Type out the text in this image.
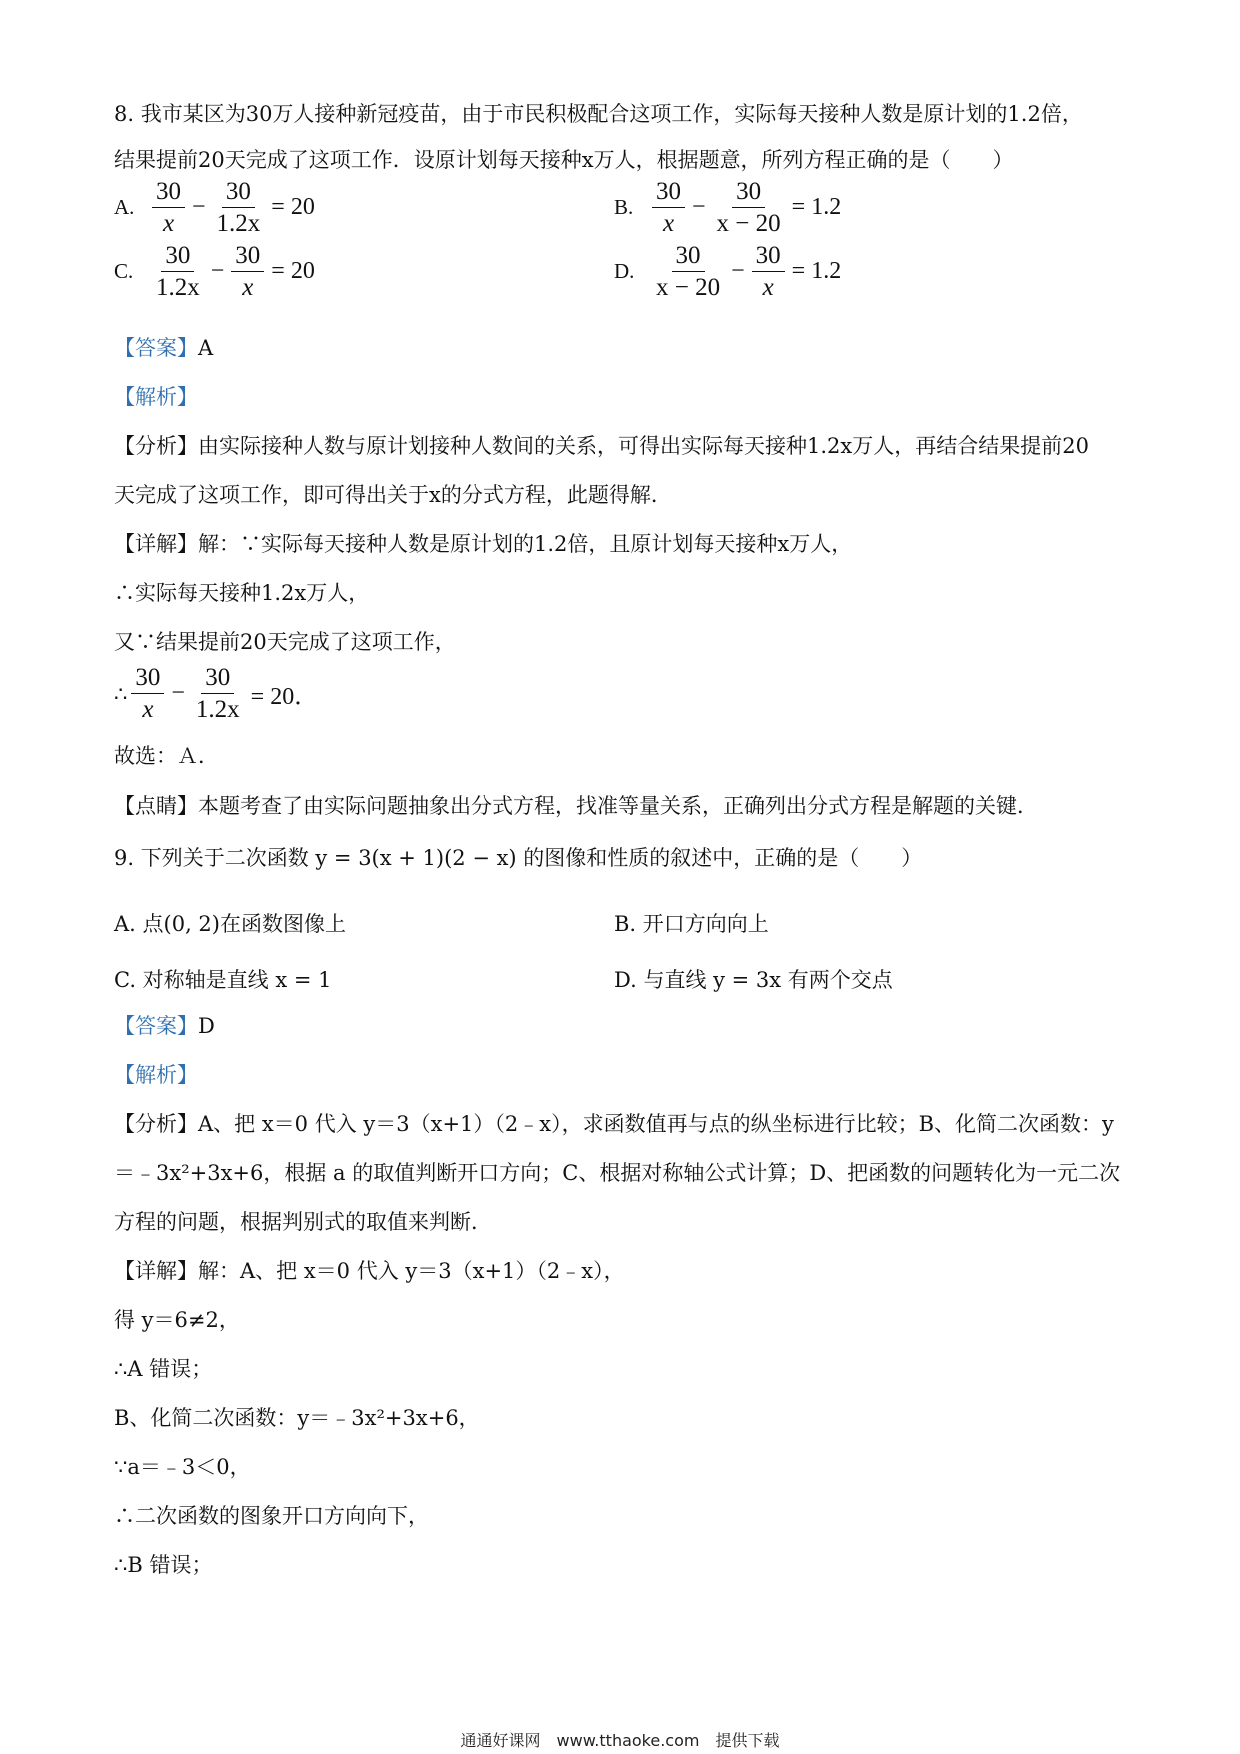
8. 我市某区为30万人接种新冠疫苗，由于市民积极配合这项工作，实际每天接种人数是原计划的1.2倍，
结果提前20天完成了这项工作．设原计划每天接种x万人，根据题意，所列方程正确的是（　　）
A. $\frac{30}{x} - \frac{30}{1.2x} = 20$	B. $\frac{30}{x} - \frac{30}{x - 20} = 1.2$
C. $\frac{30}{1.2x} - \frac{30}{x} = 20$	D. $\frac{30}{x - 20} - \frac{30}{x} = 1.2$
【答案】A
【解析】
【分析】由实际接种人数与原计划接种人数间的关系，可得出实际每天接种1.2x万人，再结合结果提前20
天完成了这项工作，即可得出关于x的分式方程，此题得解．
【详解】解：∵实际每天接种人数是原计划的1.2倍，且原计划每天接种x万人，
∴实际每天接种1.2x万人，
又∵结果提前20天完成了这项工作，
∴ $\frac{30}{x} - \frac{30}{1.2x} = 20$．
故选：Ａ．
【点睛】本题考查了由实际问题抽象出分式方程，找准等量关系，正确列出分式方程是解题的关键．
9. 下列关于二次函数 y = 3(x + 1)(2 − x) 的图像和性质的叙述中，正确的是（　　）
A. 点(0, 2)在函数图像上	B. 开口方向向上
C. 对称轴是直线 x = 1	D. 与直线 y = 3x 有两个交点
【答案】D
【解析】
【分析】A、把 x＝0 代入 y＝3（x+1）（2﹣x），求函数值再与点的纵坐标进行比较；B、化简二次函数：y
＝﹣3x²+3x+6，根据 a 的取值判断开口方向；C、根据对称轴公式计算；D、把函数的问题转化为一元二次
方程的问题，根据判别式的取值来判断．
【详解】解：A、把 x＝0 代入 y＝3（x+1）（2﹣x），
得 y＝6≠2，
∴A 错误；
B、化简二次函数：y＝﹣3x²+3x+6，
∵a＝﹣3＜0，
∴二次函数的图象开口方向向下，
∴B 错误；
通通好课网　www.tthaoke.com　提供下载
